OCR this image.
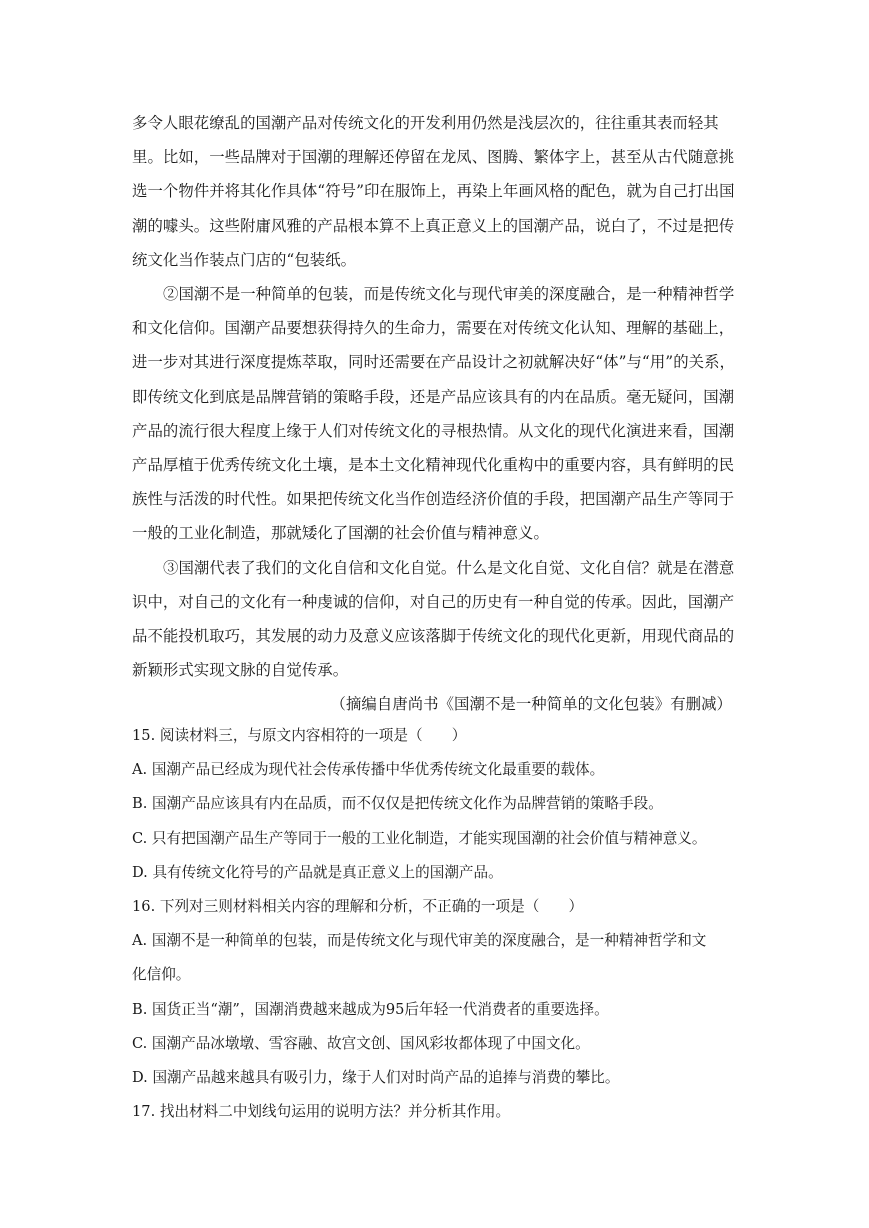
多令人眼花缭乱的国潮产品对传统文化的开发利用仍然是浅层次的，往往重其表而轻其里。比如，一些品牌对于国潮的理解还停留在龙凤、图腾、繁体字上，甚至从古代随意挑选一个物件并将其化作具体“符号”印在服饰上，再染上年画风格的配色，就为自己打出国潮的噱头。这些附庸风雅的产品根本算不上真正意义上的国潮产品，说白了，不过是把传统文化当作装点门店的“包装纸。
②国潮不是一种简单的包装，而是传统文化与现代审美的深度融合，是一种精神哲学和文化信仰。国潮产品要想获得持久的生命力，需要在对传统文化认知、理解的基础上，进一步对其进行深度提炼萃取，同时还需要在产品设计之初就解决好“体”与“用”的关系，即传统文化到底是品牌营销的策略手段，还是产品应该具有的内在品质。毫无疑问，国潮产品的流行很大程度上缘于人们对传统文化的寻根热情。从文化的现代化演进来看，国潮产品厚植于优秀传统文化土壤，是本土文化精神现代化重构中的重要内容，具有鲜明的民族性与活泼的时代性。如果把传统文化当作创造经济价值的手段，把国潮产品生产等同于一般的工业化制造，那就矮化了国潮的社会价值与精神意义。
③国潮代表了我们的文化自信和文化自觉。什么是文化自觉、文化自信？就是在潜意识中，对自己的文化有一种虔诚的信仰，对自己的历史有一种自觉的传承。因此，国潮产品不能投机取巧，其发展的动力及意义应该落脚于传统文化的现代化更新，用现代商品的新颖形式实现文脉的自觉传承。
（摘编自唐尚书《国潮不是一种简单的文化包装》有删减）
15. 阅读材料三，与原文内容相符的一项是（　　）
A. 国潮产品已经成为现代社会传承传播中华优秀传统文化最重要的载体。
B. 国潮产品应该具有内在品质，而不仅仅是把传统文化作为品牌营销的策略手段。
C. 只有把国潮产品生产等同于一般的工业化制造，才能实现国潮的社会价值与精神意义。
D. 具有传统文化符号的产品就是真正意义上的国潮产品。
16. 下列对三则材料相关内容的理解和分析，不正确的一项是（　　）
A. 国潮不是一种简单的包装，而是传统文化与现代审美的深度融合，是一种精神哲学和文
化信仰。
B. 国货正当“潮”，国潮消费越来越成为95后年轻一代消费者的重要选择。
C. 国潮产品冰墩墩、雪容融、故宫文创、国风彩妆都体现了中国文化。
D. 国潮产品越来越具有吸引力，缘于人们对时尚产品的追捧与消费的攀比。
17. 找出材料二中划线句运用的说明方法？并分析其作用。
